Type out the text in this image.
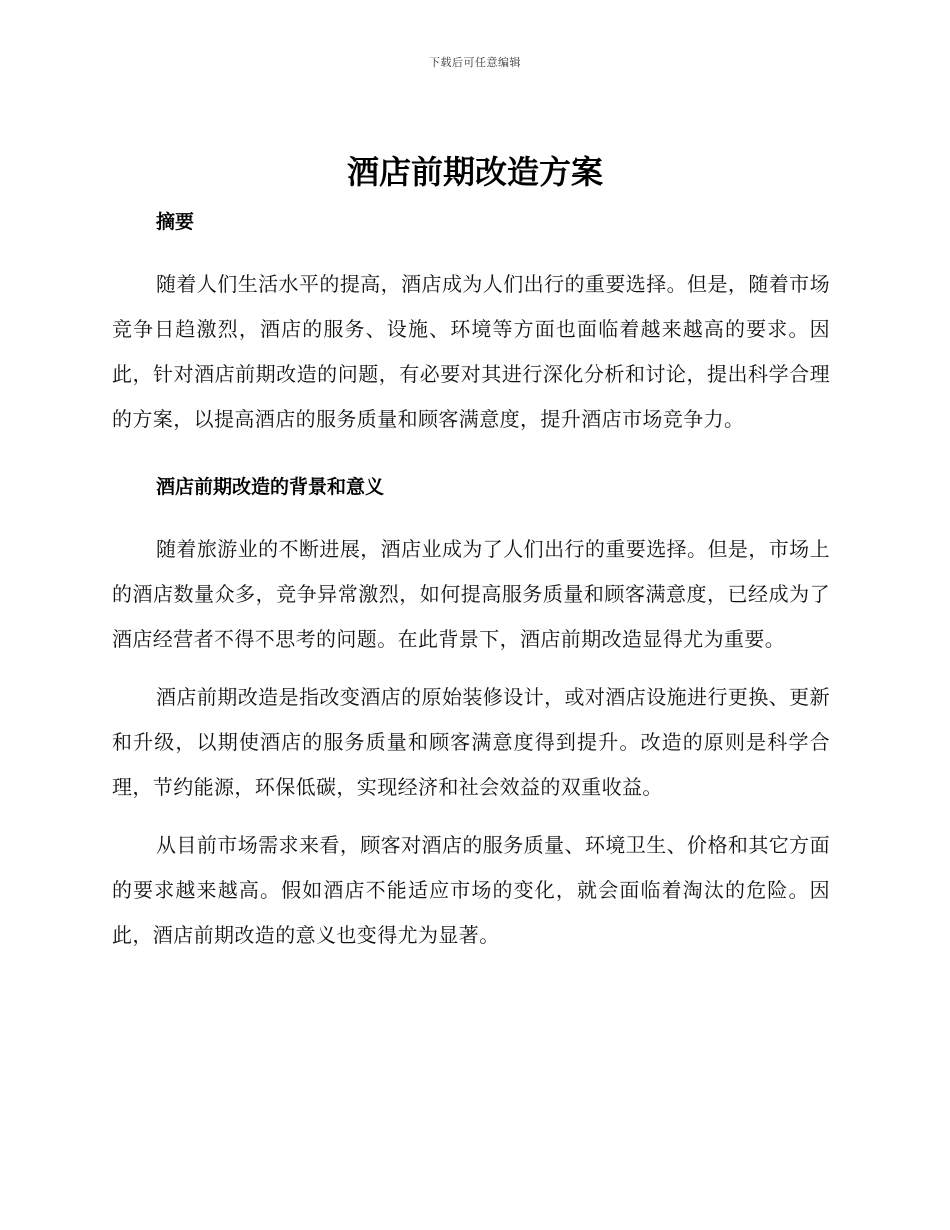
下载后可任意编辑
酒店前期改造方案
摘要

随着人们生活水平的提高，酒店成为人们出行的重要选择。但是，随着市场竞争日趋激烈，酒店的服务、设施、环境等方面也面临着越来越高的要求。因此，针对酒店前期改造的问题，有必要对其进行深化分析和讨论，提出科学合理的方案，以提高酒店的服务质量和顾客满意度，提升酒店市场竞争力。

酒店前期改造的背景和意义

随着旅游业的不断进展，酒店业成为了人们出行的重要选择。但是，市场上的酒店数量众多，竞争异常激烈，如何提高服务质量和顾客满意度，已经成为了酒店经营者不得不思考的问题。在此背景下，酒店前期改造显得尤为重要。

酒店前期改造是指改变酒店的原始装修设计，或对酒店设施进行更换、更新和升级，以期使酒店的服务质量和顾客满意度得到提升。改造的原则是科学合理，节约能源，环保低碳，实现经济和社会效益的双重收益。

从目前市场需求来看，顾客对酒店的服务质量、环境卫生、价格和其它方面的要求越来越高。假如酒店不能适应市场的变化，就会面临着淘汰的危险。因此，酒店前期改造的意义也变得尤为显著。
